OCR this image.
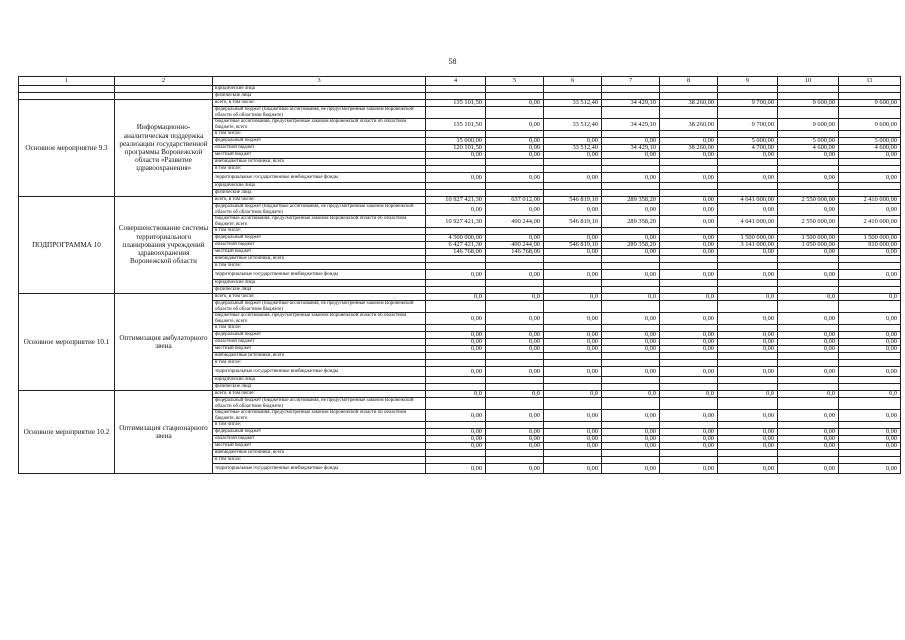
58
1	2	3	4	5	6	7	8	9	10	11
		юридические лица								
		физические лица								
Основное мероприятие 9.3	Информационно-аналитическая поддержка реализации государственной программы Воронежской области «Развитие здравоохранения»	всего, в том числе:	135 101,50	0,00	33 512,40	34 429,10	38 260,00	9 700,00	9 600,00	9 600,00
		федеральный бюджет (бюджетные ассигнования, не предусмотренные законом Воронежской области об областном бюджете)								
		бюджетные ассигнования, предусмотренные законом Воронежской области об областном бюджете, всего	135 101,50	0,00	33 512,40	34 429,10	38 260,00	9 700,00	9 600,00	9 600,00
		в том числе:								
		федеральный бюджет	15 000,00	0,00	0,00	0,00	0,00	5 000,00	5 000,00	5 000,00
		областной бюджет	120 101,50	0,00	33 512,40	34 429,10	38 260,00	4 700,00	4 600,00	4 600,00
		местный бюджет	0,00	0,00	0,00	0,00	0,00	0,00	0,00	0,00
		внебюджетные источники, всего								
		в том числе:								
		территориальные государственные внебюджетные фонды	0,00	0,00	0,00	0,00	0,00	0,00	0,00	0,00
		юридические лица								
		физические лица								
ПОДПРОГРАММА 10	Совершенствование системы территориального планирования учреждений здравоохранения Воронежской области	всего, в том числе:	10 927 421,30	637 012,00	546 819,10	289 358,20	0,00	4 641 000,00	2 550 000,00	2 410 000,00
		федеральный бюджет (бюджетные ассигнования, не предусмотренные законом Воронежской области об областном бюджете)	0,00	0,00	0,00	0,00	0,00	0,00	0,00	0,00
		бюджетные ассигнования, предусмотренные законом Воронежской области об областном бюджете, всего	10 927 421,30	490 244,00	546 819,10	289 358,20	0,00	4 641 000,00	2 550 000,00	2 410 000,00
		в том числе:								
		федеральный бюджет	4 500 000,00	0,00	0,00	0,00	0,00	1 500 000,00	1 500 000,00	1 500 000,00
		областной бюджет	6 427 421,30	490 244,00	546 819,10	289 358,20	0,00	3 141 000,00	1 050 000,00	910 000,00
		местный бюджет	146 768,00	146 768,00	0,00	0,00	0,00	0,00	0,00	0,00
		внебюджетные источники, всего								
		в том числе:								
		территориальные государственные внебюджетные фонды	0,00	0,00	0,00	0,00	0,00	0,00	0,00	0,00
		юридические лица								
		физические лица								
Основное мероприятие 10.1	Оптимизация амбулаторного звена	всего, в том числе:	0,0	0,0	0,0	0,0	0,0	0,0	0,0	0,0
		федеральный бюджет (бюджетные ассигнования, не предусмотренные законом Воронежской области об областном бюджете)								
		бюджетные ассигнования, предусмотренные законом Воронежской области об областном бюджете, всего	0,00	0,00	0,00	0,00	0,00	0,00	0,00	0,00
		в том числе:								
		федеральный бюджет	0,00	0,00	0,00	0,00	0,00	0,00	0,00	0,00
		областной бюджет	0,00	0,00	0,00	0,00	0,00	0,00	0,00	0,00
		местный бюджет	0,00	0,00	0,00	0,00	0,00	0,00	0,00	0,00
		внебюджетные источники, всего								
		в том числе:								
		территориальные государственные внебюджетные фонды	0,00	0,00	0,00	0,00	0,00	0,00	0,00	0,00
		юридические лица								
		физические лица								
Основное мероприятие 10.2	Оптимизация стационарного звена	всего, в том числе:	0,0	0,0	0,0	0,0	0,0	0,0	0,0	0,0
		федеральный бюджет (бюджетные ассигнования, не предусмотренные законом Воронежской области об областном бюджете)								
		бюджетные ассигнования, предусмотренные законом Воронежской области об областном бюджете, всего	0,00	0,00	0,00	0,00	0,00	0,00	0,00	0,00
		в том числе:								
		федеральный бюджет	0,00	0,00	0,00	0,00	0,00	0,00	0,00	0,00
		областной бюджет	0,00	0,00	0,00	0,00	0,00	0,00	0,00	0,00
		местный бюджет	0,00	0,00	0,00	0,00	0,00	0,00	0,00	0,00
		внебюджетные источники, всего								
		в том числе:								
		территориальные государственные внебюджетные фонды	0,00	0,00	0,00	0,00	0,00	0,00	0,00	0,00
